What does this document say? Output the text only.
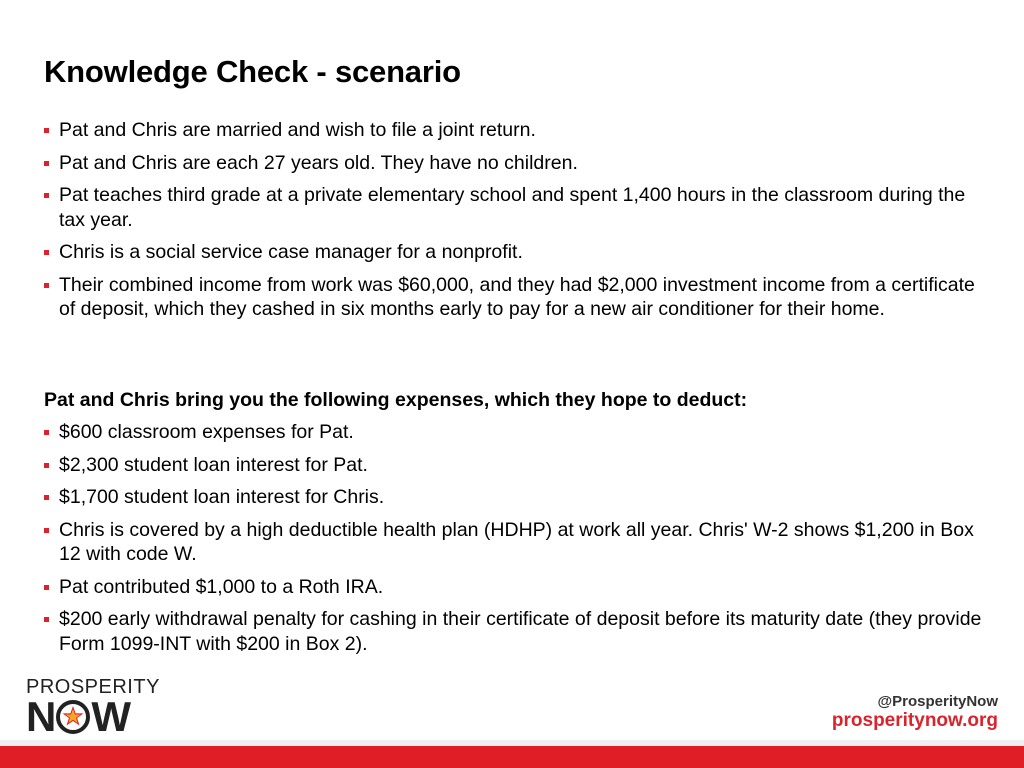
Knowledge Check - scenario
Pat and Chris are married and wish to file a joint return.
Pat and Chris are each 27 years old. They have no children.
Pat teaches third grade at a private elementary school and spent 1,400 hours in the classroom during the tax year.
Chris is a social service case manager for a nonprofit.
Their combined income from work was $60,000, and they had $2,000 investment income from a certificate of deposit, which they cashed in six months early to pay for a new air conditioner for their home.
Pat and Chris bring you the following expenses, which they hope to deduct:
$600 classroom expenses for Pat.
$2,300 student loan interest for Pat.
$1,700 student loan interest for Chris.
Chris is covered by a high deductible health plan (HDHP) at work all year. Chris' W-2 shows $1,200 in Box 12 with code W.
Pat contributed $1,000 to a Roth IRA.
$200 early withdrawal penalty for cashing in their certificate of deposit before its maturity date (they provide Form 1099-INT with $200 in Box 2).
PROSPERITY
N W	@ProsperityNow
prosperitynow.org
